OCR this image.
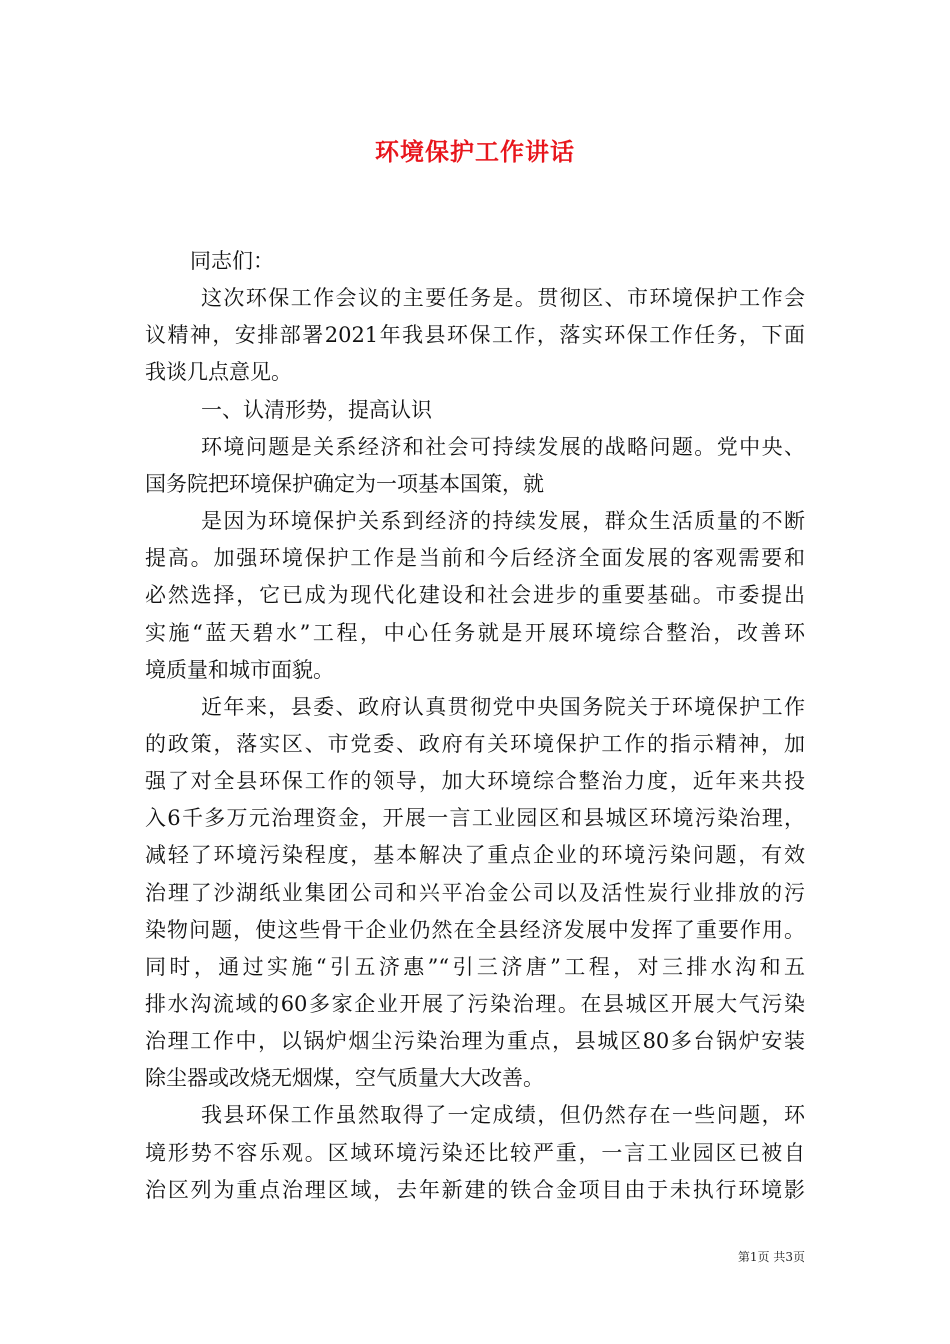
环境保护工作讲话
同志们：
这次环保工作会议的主要任务是。贯彻区、市环境保护工作会
议精神，安排部署2021年我县环保工作，落实环保工作任务，下面
我谈几点意见。
一、认清形势，提高认识
环境问题是关系经济和社会可持续发展的战略问题。党中央、
国务院把环境保护确定为一项基本国策，就
是因为环境保护关系到经济的持续发展，群众生活质量的不断
提高。加强环境保护工作是当前和今后经济全面发展的客观需要和
必然选择，它已成为现代化建设和社会进步的重要基础。市委提出
实施“蓝天碧水”工程，中心任务就是开展环境综合整治，改善环
境质量和城市面貌。
近年来，县委、政府认真贯彻党中央国务院关于环境保护工作
的政策，落实区、市党委、政府有关环境保护工作的指示精神，加
强了对全县环保工作的领导，加大环境综合整治力度，近年来共投
入6千多万元治理资金，开展一言工业园区和县城区环境污染治理，
减轻了环境污染程度，基本解决了重点企业的环境污染问题，有效
治理了沙湖纸业集团公司和兴平冶金公司以及活性炭行业排放的污
染物问题，使这些骨干企业仍然在全县经济发展中发挥了重要作用。
同时，通过实施“引五济惠”“引三济唐”工程，对三排水沟和五
排水沟流域的60多家企业开展了污染治理。在县城区开展大气污染
治理工作中，以锅炉烟尘污染治理为重点，县城区80多台锅炉安装
除尘器或改烧无烟煤，空气质量大大改善。
我县环保工作虽然取得了一定成绩，但仍然存在一些问题，环
境形势不容乐观。区域环境污染还比较严重，一言工业园区已被自
治区列为重点治理区域，去年新建的铁合金项目由于未执行环境影
第1页 共3页
